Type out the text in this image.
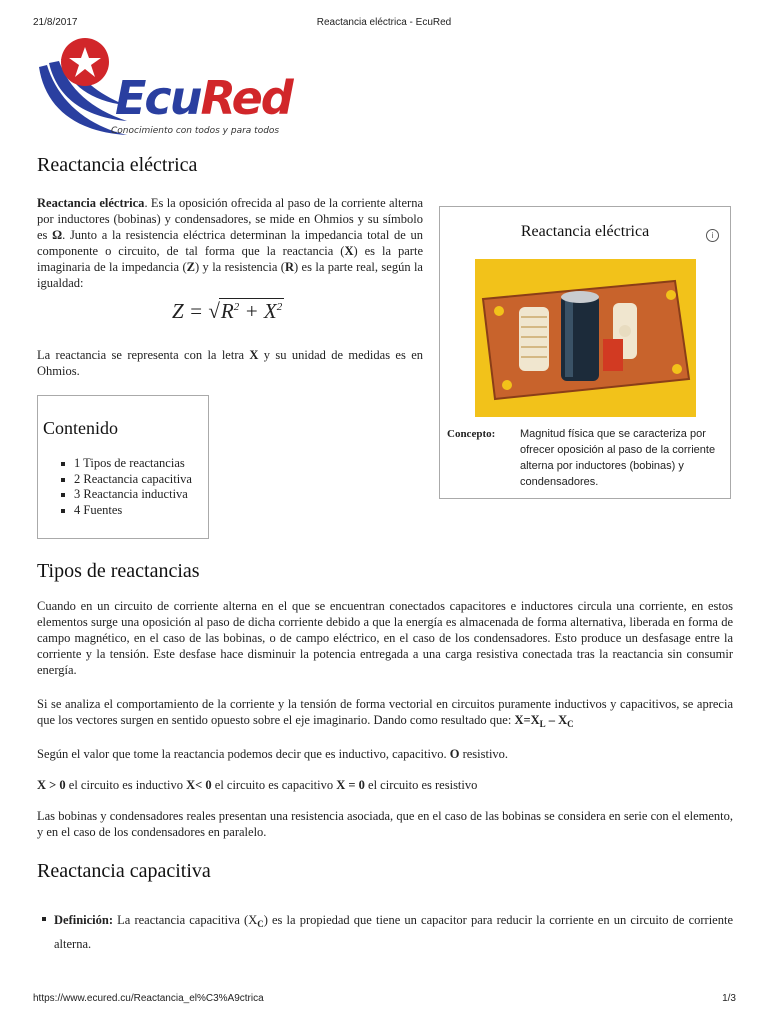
21/8/2017	Reactancia eléctrica - EcuRed
EcuRed
Conocimiento con todos y para todos
Reactancia eléctrica

Reactancia eléctrica. Es la oposición ofrecida al paso de la corriente alterna por inductores (bobinas) y condensadores, se mide en Ohmios y su símbolo es Ω. Junto a la resistencia eléctrica determinan la impedancia total de un componente o circuito, de tal forma que la reactancia (X) es la parte imaginaria de la impedancia (Z) y la resistencia (R) es la parte real, según la igualdad:

$Z = √R^2 + X^2$

La reactancia se representa con la letra X y su unidad de medidas es en Ohmios.

Contenido
1 Tipos de reactancias
2 Reactancia capacitiva
3 Reactancia inductiva
4 Fuentes
Reactancia eléctrica	i
Concepto: Magnitud física que se caracteriza por ofrecer oposición al paso de la corriente alterna por inductores (bobinas) y condensadores.
Tipos de reactancias

Cuando en un circuito de corriente alterna en el que se encuentran conectados capacitores e inductores circula una corriente, en estos elementos surge una oposición al paso de dicha corriente debido a que la energía es almacenada de forma alternativa, liberada en forma de campo magnético, en el caso de las bobinas, o de campo eléctrico, en el caso de los condensadores. Esto produce un desfasage entre la corriente y la tensión. Este desfase hace disminuir la potencia entregada a una carga resistiva conectada tras la reactancia sin consumir energía.

Si se analiza el comportamiento de la corriente y la tensión de forma vectorial en circuitos puramente inductivos y capacitivos, se aprecia que los vectores surgen en sentido opuesto sobre el eje imaginario. Dando como resultado que: $X=X_L - X_C$

Según el valor que tome la reactancia podemos decir que es inductivo, capacitivo. O resistivo.

X > 0 el circuito es inductivo X< 0 el circuito es capacitivo X = 0 el circuito es resistivo

Las bobinas y condensadores reales presentan una resistencia asociada, que en el caso de las bobinas se considera en serie con el elemento, y en el caso de los condensadores en paralelo.

Reactancia capacitiva

Definición: La reactancia capacitiva $(X_C)$ es la propiedad que tiene un capacitor para reducir la corriente en un circuito de corriente alterna.

https://www.ecured.cu/Reactancia_el%C3%A9ctrica	1/3
